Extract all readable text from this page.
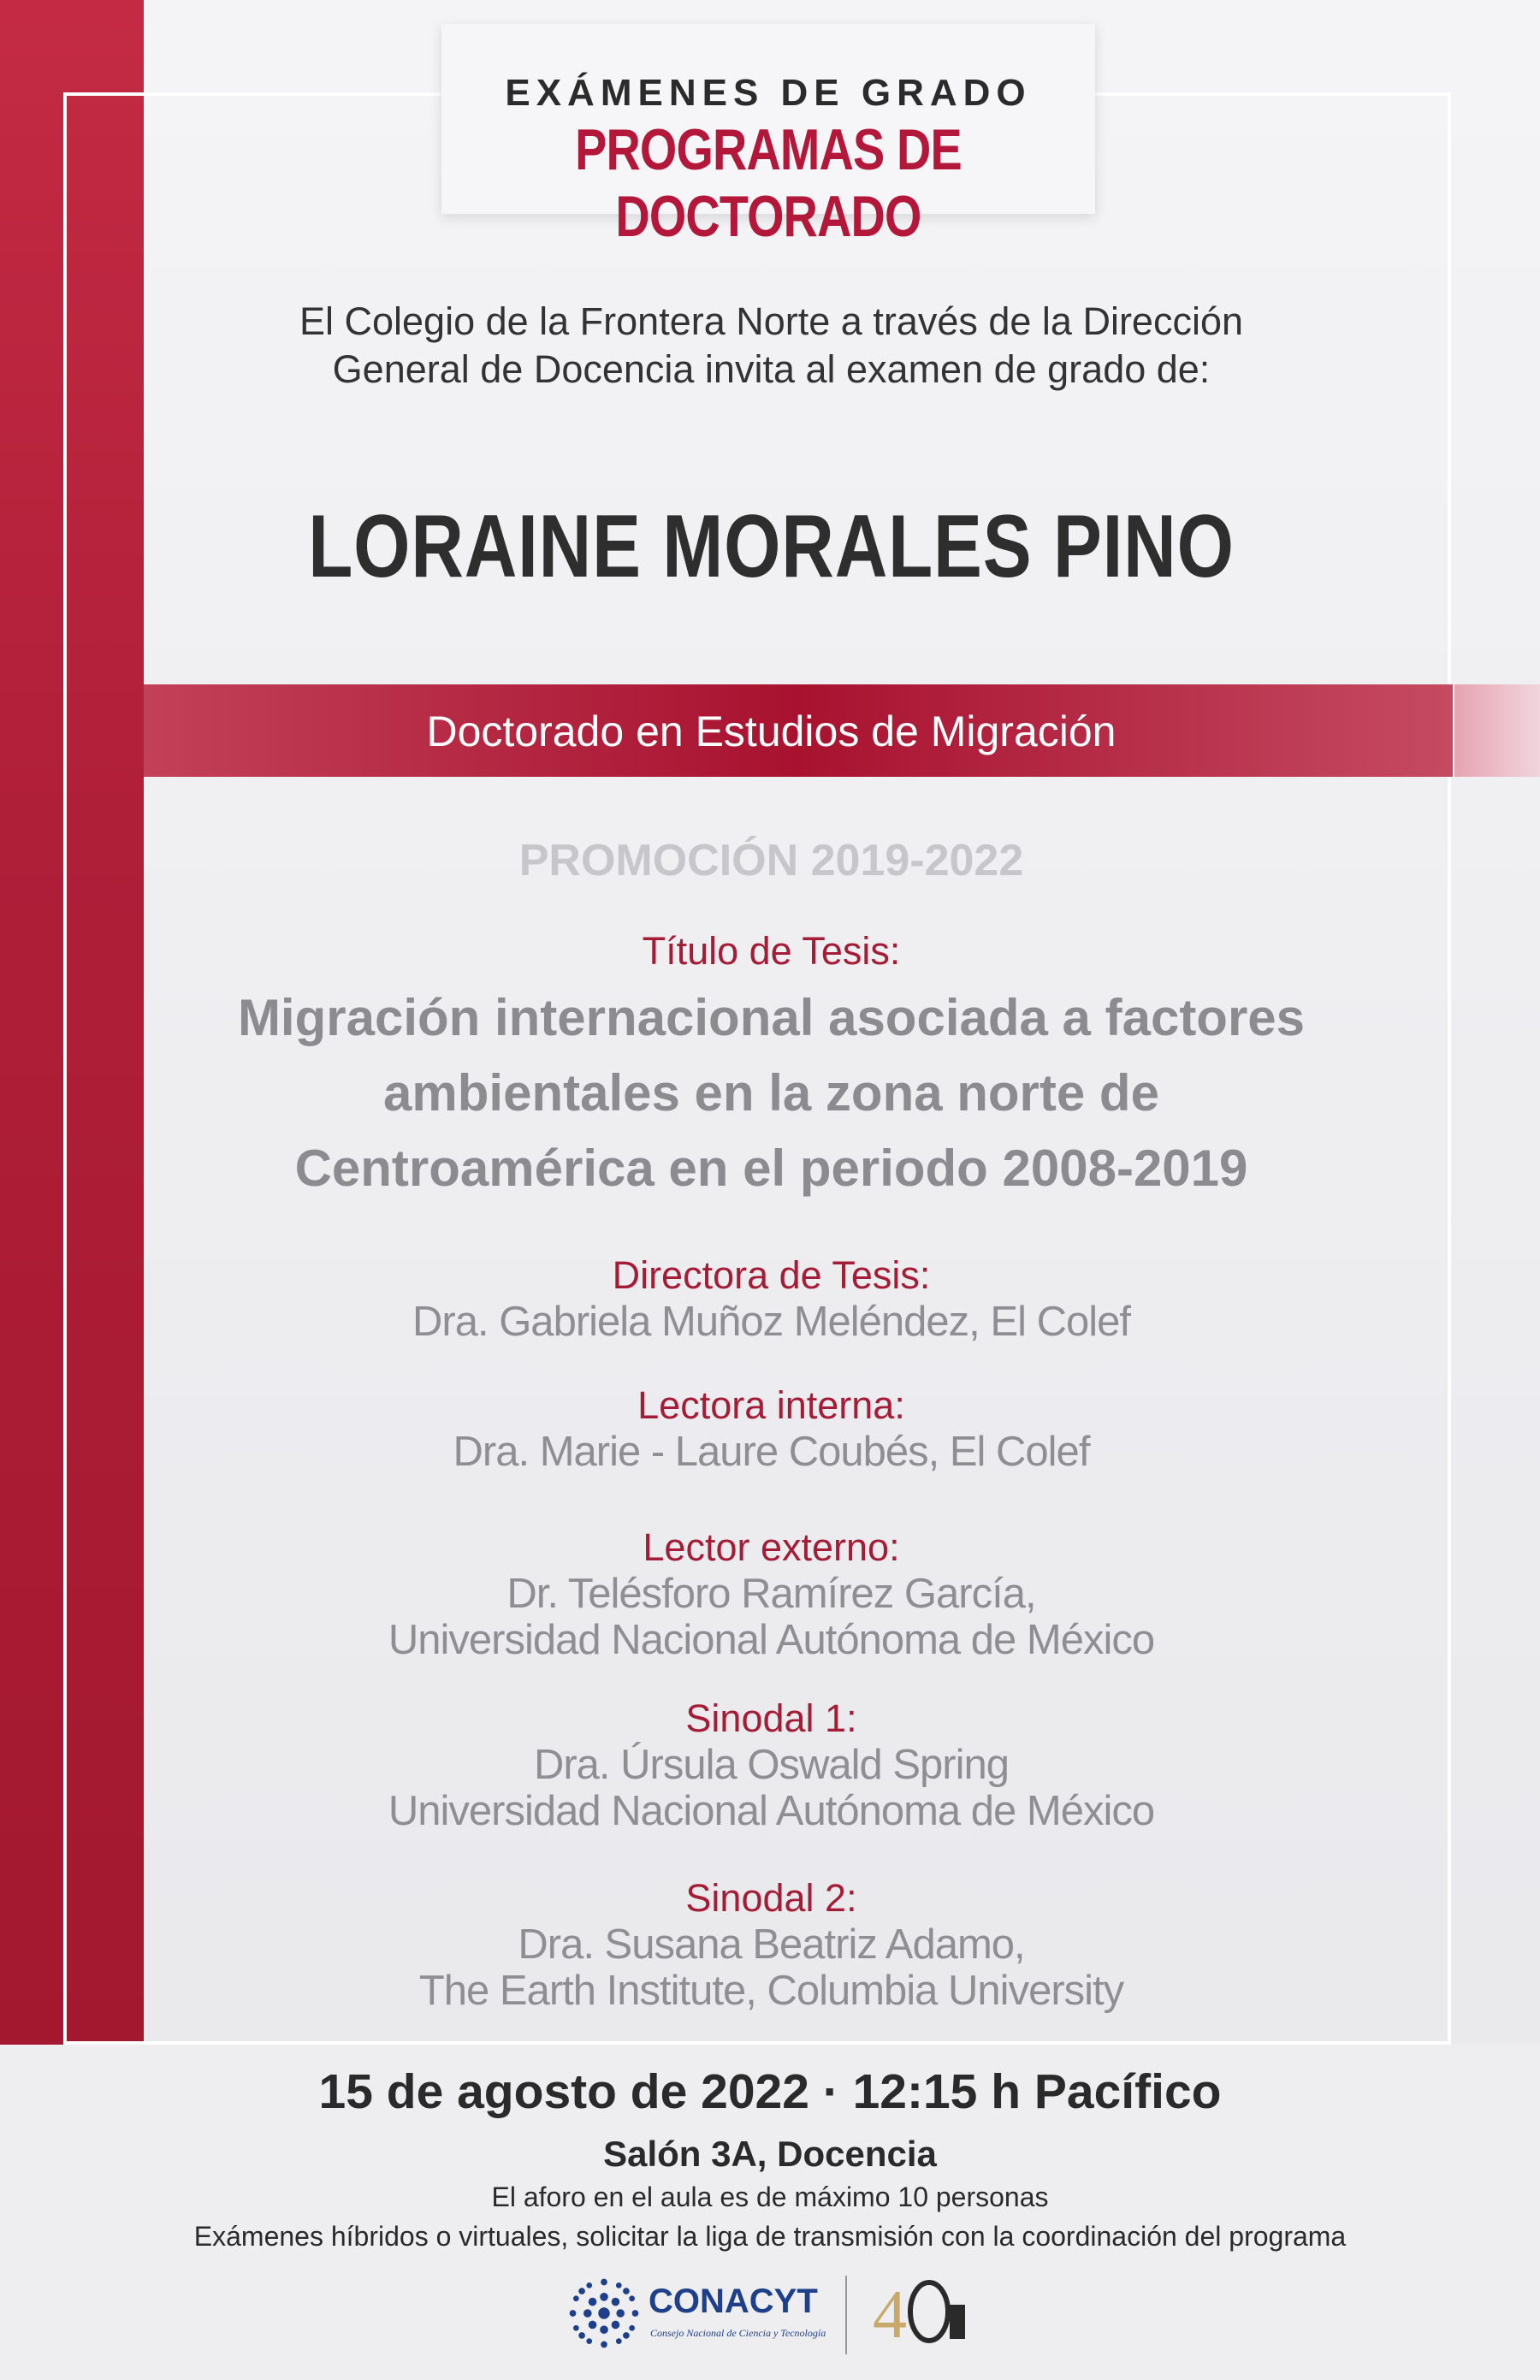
EXÁMENES DE GRADO
PROGRAMAS DE DOCTORADO
El Colegio de la Frontera Norte a través de la Dirección
General de Docencia invita al examen de grado de:
LORAINE MORALES PINO
Doctorado en Estudios de Migración
PROMOCIÓN 2019-2022
Título de Tesis:
Migración internacional asociada a factores
ambientales en la zona norte de
Centroamérica en el periodo 2008-2019
Directora de Tesis:
Dra. Gabriela Muñoz Meléndez, El Colef
Lectora interna:
Dra. Marie - Laure Coubés, El Colef
Lector externo:
Dr. Telésforo Ramírez García,
Universidad Nacional Autónoma de México
Sinodal 1:
Dra. Úrsula Oswald Spring
Universidad Nacional Autónoma de México
Sinodal 2:
Dra. Susana Beatriz Adamo,
The Earth Institute, Columbia University
15 de agosto de 2022 · 12:15 h Pacífico
Salón 3A, Docencia
El aforo en el aula es de máximo 10 personas
Exámenes híbridos o virtuales, solicitar la liga de transmisión con la coordinación del programa
CONACYT
Consejo Nacional de Ciencia y Tecnología 4
